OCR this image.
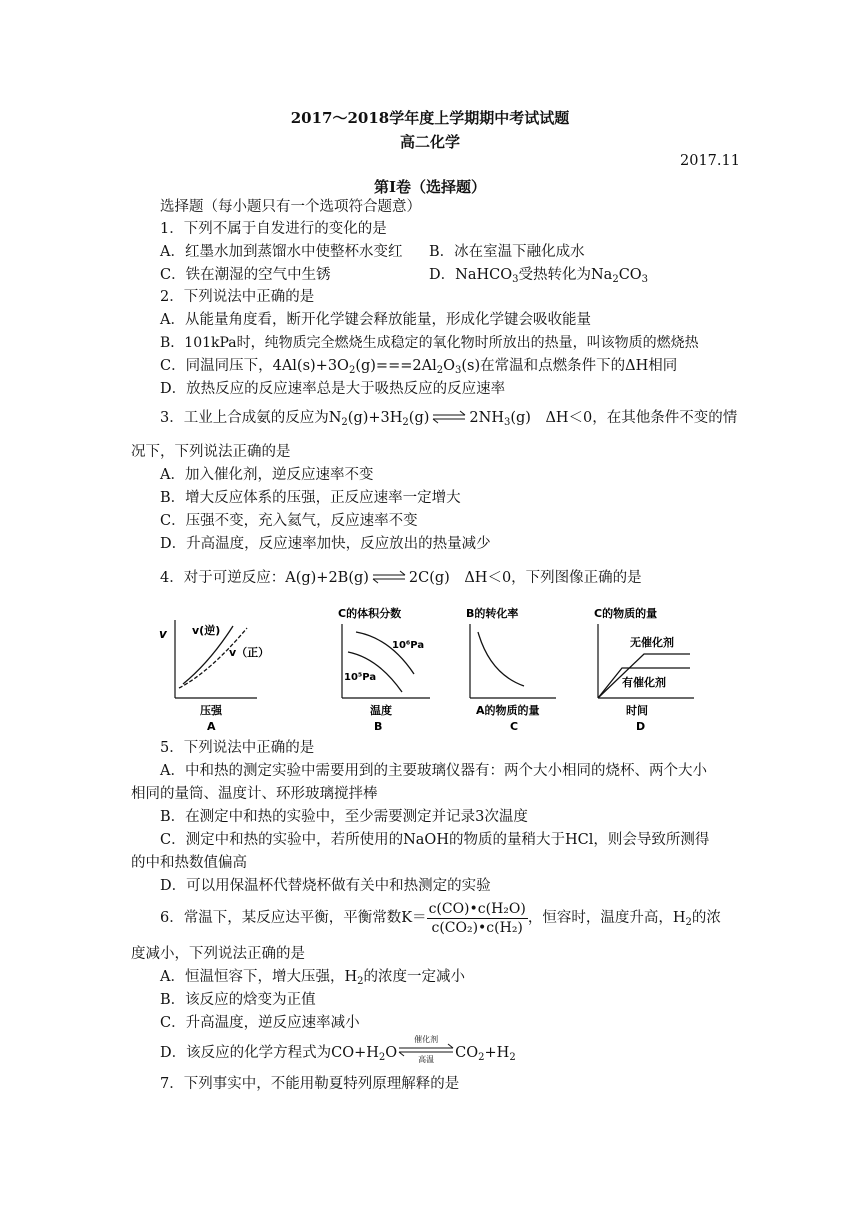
2017～2018学年度上学期期中考试试题
高二化学
2017.11
第Ⅰ卷（选择题）
选择题（每小题只有一个选项符合题意）
1．下列不属于自发进行的变化的是
A．红墨水加到蒸馏水中使整杯水变红 B．冰在室温下融化成水
C．铁在潮湿的空气中生锈	D．NaHCO$_3$受热转化为$Na_2CO_3$
2．下列说法中正确的是
A．从能量角度看，断开化学键会释放能量，形成化学键会吸收能量
B．101kPa时，纯物质完全燃烧生成稳定的氧化物时所放出的热量，叫该物质的燃烧热
C．同温同压下，$4Al(s)+3O_2(g)===2Al_2O_3(s)$在常温和点燃条件下的ΔH相同
D．放热反应的反应速率总是大于吸热反应的反应速率
3．工业上合成氨的反应为$N_2(g)+3H_2(g)$ ⇌ $2NH_3(g)$　ΔH＜0，在其他条件不变的情
况下，下列说法正确的是
A．加入催化剂，逆反应速率不变
B．增大反应体系的压强，正反应速率一定增大
C．压强不变，充入氦气，反应速率不变
D．升高温度，反应速率加快，反应放出的热量减少
4．对于可逆反应：A(g)+2B(g) ⇌ 2C(g)　ΔH＜0，下列图像正确的是
v v(逆)
v（正）
压强
A
C的体积分数
10⁶Pa
10⁵Pa
温度
B
B的转化率
A的物质的量
C
C的物质的量
无催化剂
有催化剂
时间
D
5．下列说法中正确的是
A．中和热的测定实验中需要用到的主要玻璃仪器有：两个大小相同的烧杯、两个大小
相同的量筒、温度计、环形玻璃搅拌棒
B．在测定中和热的实验中，至少需要测定并记录3次温度
C．测定中和热的实验中，若所使用的NaOH的物质的量稍大于HCl，则会导致所测得
的中和热数值偏高
D．可以用保温杯代替烧杯做有关中和热测定的实验
6．常温下，某反应达平衡，平衡常数$K= \frac{\text{c(CO)•c(H₂O)}}{\text{c(CO₂)•c(H₂)}}$ ，恒容时，温度升高，$H_2$的浓
度减小，下列说法正确的是
A．恒温恒容下，增大压强，$H_2$的浓度一定减小
B．该反应的焓变为正值
C．升高温度，逆反应速率减小
D．该反应的化学方程式为$CO+H_2O$
催化剂
高温	$CO_2+H_2$
7．下列事实中，不能用勒夏特列原理解释的是
